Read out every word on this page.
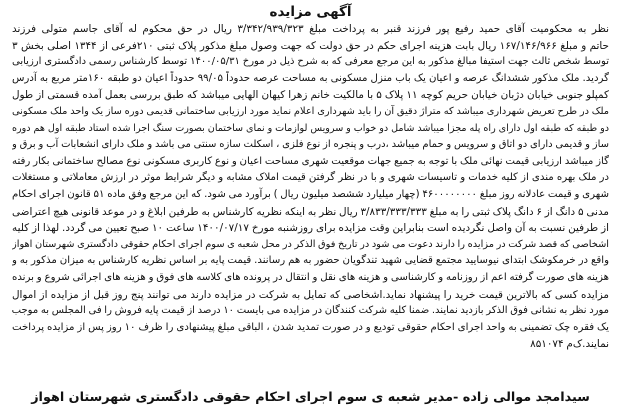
آگهی مزایده
نظر به محکومیت آقای حمید رفیع پور فرزند قنبر به پرداخت مبلغ ۳/۳۴۲/۹۳۹/۳۲۳ ریال در حق محکوم له آقای جاسم متولی فرزند
حاتم و مبلغ ۱۶۷/۱۴۶/۹۶۶ ریال بابت هزینه اجرای حکم در حق دولت که جهت وصول مبلغ مذکور پلاک ثبتی ۲۱۰فرعی از ۱۳۴۴ اصلی بخش ۳
توسط شخص ثالث جهت استیفا مبالغ مذکور به این مرجع معرفی که به شرح ذیل در مورخ ۱۴۰۰/۰۵/۳۱ توسط کارشناس رسمی دادگستری ارزیابی
گردید. ملک مذکور ششدانگ عرصه و اعیان یک باب منزل مسکونی به مساحت عرصه حدوداً ۹۹/۰۵ حدوداً اعیان دو طبقه ۱۶۰متر مربع به آدرس
کمپلو جنوبی خیابان دژبان خیابان حریم کوچه ۱۱ پلاک ۵ با مالکیت خانم زهرا کیهان الهایی میباشد که طبق بررسی بعمل آمده قسمتی از طول
ملک در طرح تعریض شهرداری میباشد که متراژ دقیق آن را باید شهرداری اعلام نماید مورد ارزیابی ساختمانی قدیمی دوره ساز یک واحد ملک مسکونی
دو طبقه که طبقه اول دارای راه پله مجزا میباشد شامل دو خواب و سرویس لوازمات و نمای ساختمان بصورت سنگ اجرا شده استاد طبقه اول هم دوره
ساز و قدیمی دارای دو اتاق و سرویس و حمام میباشد ،درب و پنجره از نوع فلزی ، اسکلت سازه سنتی می باشد و ملک دارای انشعابات آب و برق و
گاز میباشد ارزیابی قیمت نهائی ملک با توجه به جمیع جهات موقعیت شهری مساحت اعیان و نوع کاربری مسکونی نوع مصالح ساختمانی بکار رفته
در ملک بهره مندی از کلیه خدمات و تاسیسات شهری و با در نظر گرفتن قیمت املاک مشابه و دیگر شرایط موثر در ارزش معاملاتی و مستغلات
شهری و قیمت عادلانه روز مبلغ ۴۶۰۰۰۰۰۰۰۰ (چهار میلیارد ششصد میلیون ریال ) برآورد می شود. که این مرجع وفق ماده ۵۱ قانون اجرای احکام
مدنی ۵ دانگ از ۶ دانگ پلاک ثبتی را به مبلغ ۳/۸۳۳/۳۳۳/۳۳۳ ریال نظر به اینکه نظریه کارشناس به طرفین ابلاغ و در موعد قانونی هیچ اعتراضی
از طرفین نسبت به آن واصل نگردیده است بنابراین وقت مزایده برای روزشنبه مورخ ۱۴۰۰/۰۷/۱۷ ساعت ۱۰ صبح تعیین می گردد. لهذا از کلیه
اشخاصی که قصد شرکت در مزایده را دارند دعوت می شود در تاریخ فوق الذکر در محل شعبه ی سوم اجرای احکام حقوقی دادگستری شهرستان اهواز
واقع در خرمکوشک ابتدای نیوسایید مجتمع قضایی شهید تندگویان حضور به هم رسانند. قیمت پایه بر اساس نظریه کارشناس به میزان مذکور به و
هزینه های صورت گرفته اعم از روزنامه و کارشناسی و هزینه های نقل و انتقال در پرونده های کلاسه های فوق و هزینه های اجرائی شروع و برنده
مزایده کسی که بالاترین قیمت خرید را پیشنهاد نماید.اشخاصی که تمایل به شرکت در مزایده دارند می توانند پنج روز قبل از مزایده از اموال
مورد نظر به نشانی فوق الذکر بازدید نمایند. ضمنا کلیه شرکت کنندگان در مزایده می بایست ۱۰ درصد از قیمت پایه فروش را فی المجلس به موجب
یک فقره چک تضمینی به واحد اجرای احکام حقوقی تودیع و در صورت تمدید شدن ، الباقی مبلغ پیشنهادی را ظرف ۱۰ روز پس از مزایده پرداخت
نمایند.ک‌م ۸۵۱۰۷۴
سیدامجد موالی زاده -مدیر شعبه ی سوم اجرای احکام حقوقی دادگستری شهرستان اهواز
